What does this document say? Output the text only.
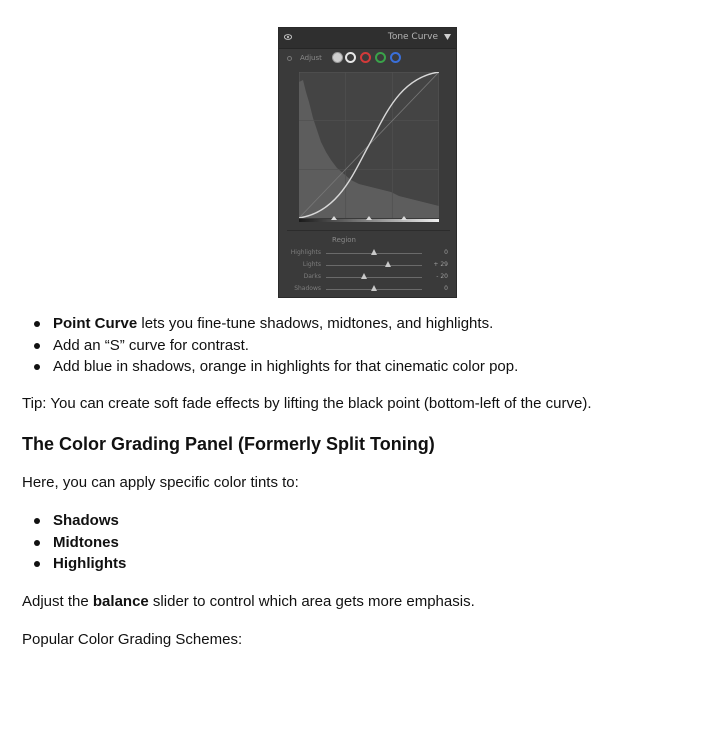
Tone Curve
Adjust
Region
Highlights	0
Lights	+ 29
Darks	- 20
Shadows	0
Point Curve lets you fine-tune shadows, midtones, and highlights.
Add an “S” curve for contrast.
Add blue in shadows, orange in highlights for that cinematic color pop.

Tip: You can create soft fade effects by lifting the black point (bottom-left of the curve).

The Color Grading Panel (Formerly Split Toning)

Here, you can apply specific color tints to:

Shadows
Midtones
Highlights

Adjust the balance slider to control which area gets more emphasis.

Popular Color Grading Schemes:
